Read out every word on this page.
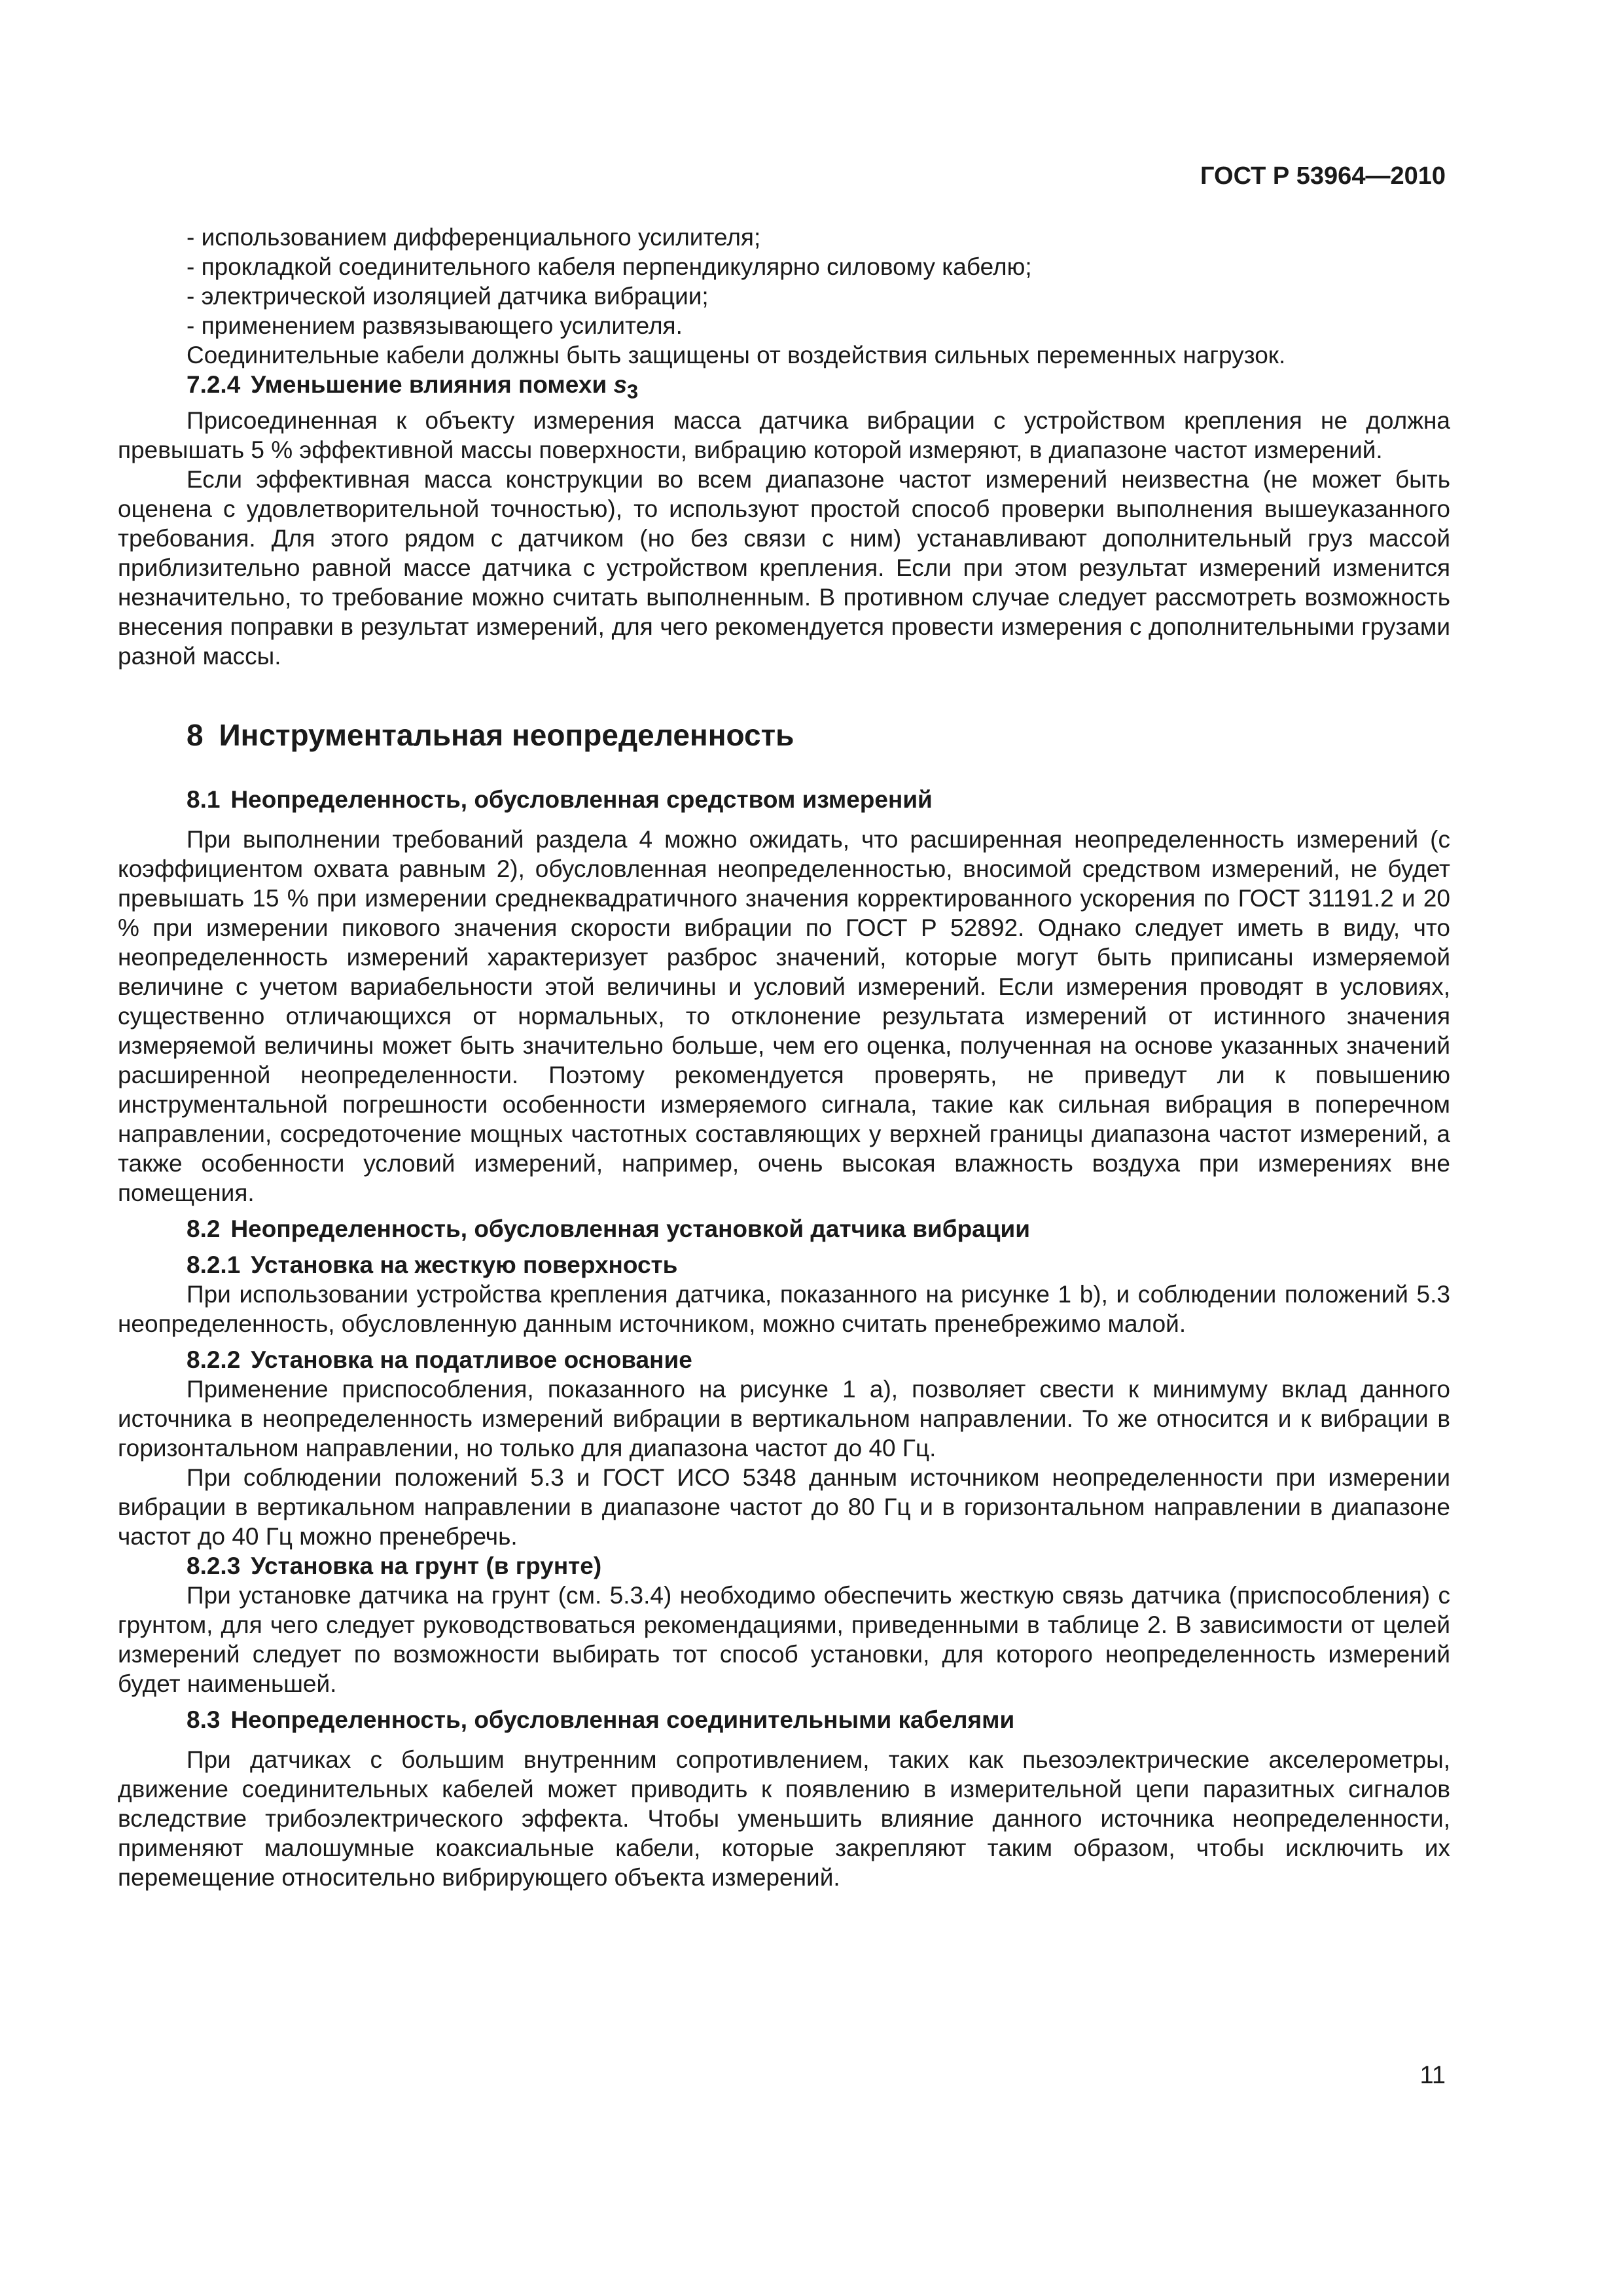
ГОСТ Р 53964—2010
- использованием дифференциального усилителя;
- прокладкой соединительного кабеля перпендикулярно силовому кабелю;
- электрической изоляцией датчика вибрации;
- применением развязывающего усилителя.

Соединительные кабели должны быть защищены от воздействия сильных переменных нагрузок.

7.2.4 Уменьшение влияния помехи $s_3$

Присоединенная к объекту измерения масса датчика вибрации с устройством крепления не должна превышать 5 % эффективной массы поверхности, вибрацию которой измеряют, в диапазоне частот измерений.

Если эффективная масса конструкции во всем диапазоне частот измерений неизвестна (не может быть оценена с удовлетворительной точностью), то используют простой способ проверки выполнения вышеуказанного требования. Для этого рядом с датчиком (но без связи с ним) устанавливают дополнительный груз массой приблизительно равной массе датчика с устройством крепления. Если при этом результат измерений изменится незначительно, то требование можно считать выполненным. В противном случае следует рассмотреть возможность внесения поправки в результат измерений, для чего рекомендуется провести измерения с дополнительными грузами разной массы.

8 Инструментальная неопределенность
8.1 Неопределенность, обусловленная средством измерений

При выполнении требований раздела 4 можно ожидать, что расширенная неопределенность измерений (с коэффициентом охвата равным 2), обусловленная неопределенностью, вносимой средством измерений, не будет превышать 15 % при измерении среднеквадратичного значения корректированного ускорения по ГОСТ 31191.2 и 20 % при измерении пикового значения скорости вибрации по ГОСТ Р 52892. Однако следует иметь в виду, что неопределенность измерений характеризует разброс значений, которые могут быть приписаны измеряемой величине с учетом вариабельности этой величины и условий измерений. Если измерения проводят в условиях, существенно отличающихся от нормальных, то отклонение результата измерений от истинного значения измеряемой величины может быть значительно больше, чем его оценка, полученная на основе указанных значений расширенной неопределенности. Поэтому рекомендуется проверять, не приведут ли к повышению инструментальной погрешности особенности измеряемого сигнала, такие как сильная вибрация в поперечном направлении, сосредоточение мощных частотных составляющих у верхней границы диапазона частот измерений, а также особенности условий измерений, например, очень высокая влажность воздуха при измерениях вне помещения.

8.2 Неопределенность, обусловленная установкой датчика вибрации
8.2.1 Установка на жесткую поверхность

При использовании устройства крепления датчика, показанного на рисунке 1 b), и соблюдении положений 5.3 неопределенность, обусловленную данным источником, можно считать пренебрежимо малой.

8.2.2 Установка на податливое основание

Применение приспособления, показанного на рисунке 1 а), позволяет свести к минимуму вклад данного источника в неопределенность измерений вибрации в вертикальном направлении. То же относится и к вибрации в горизонтальном направлении, но только для диапазона частот до 40 Гц.

При соблюдении положений 5.3 и ГОСТ ИСО 5348 данным источником неопределенности при измерении вибрации в вертикальном направлении в диапазоне частот до 80 Гц и в горизонтальном направлении в диапазоне частот до 40 Гц можно пренебречь.

8.2.3 Установка на грунт (в грунте)

При установке датчика на грунт (см. 5.3.4) необходимо обеспечить жесткую связь датчика (приспособления) с грунтом, для чего следует руководствоваться рекомендациями, приведенными в таблице 2. В зависимости от целей измерений следует по возможности выбирать тот способ установки, для которого неопределенность измерений будет наименьшей.

8.3 Неопределенность, обусловленная соединительными кабелями

При датчиках с большим внутренним сопротивлением, таких как пьезоэлектрические акселерометры, движение соединительных кабелей может приводить к появлению в измерительной цепи паразитных сигналов вследствие трибоэлектрического эффекта. Чтобы уменьшить влияние данного источника неопределенности, применяют малошумные коаксиальные кабели, которые закрепляют таким образом, чтобы исключить их перемещение относительно вибрирующего объекта измерений.

11
